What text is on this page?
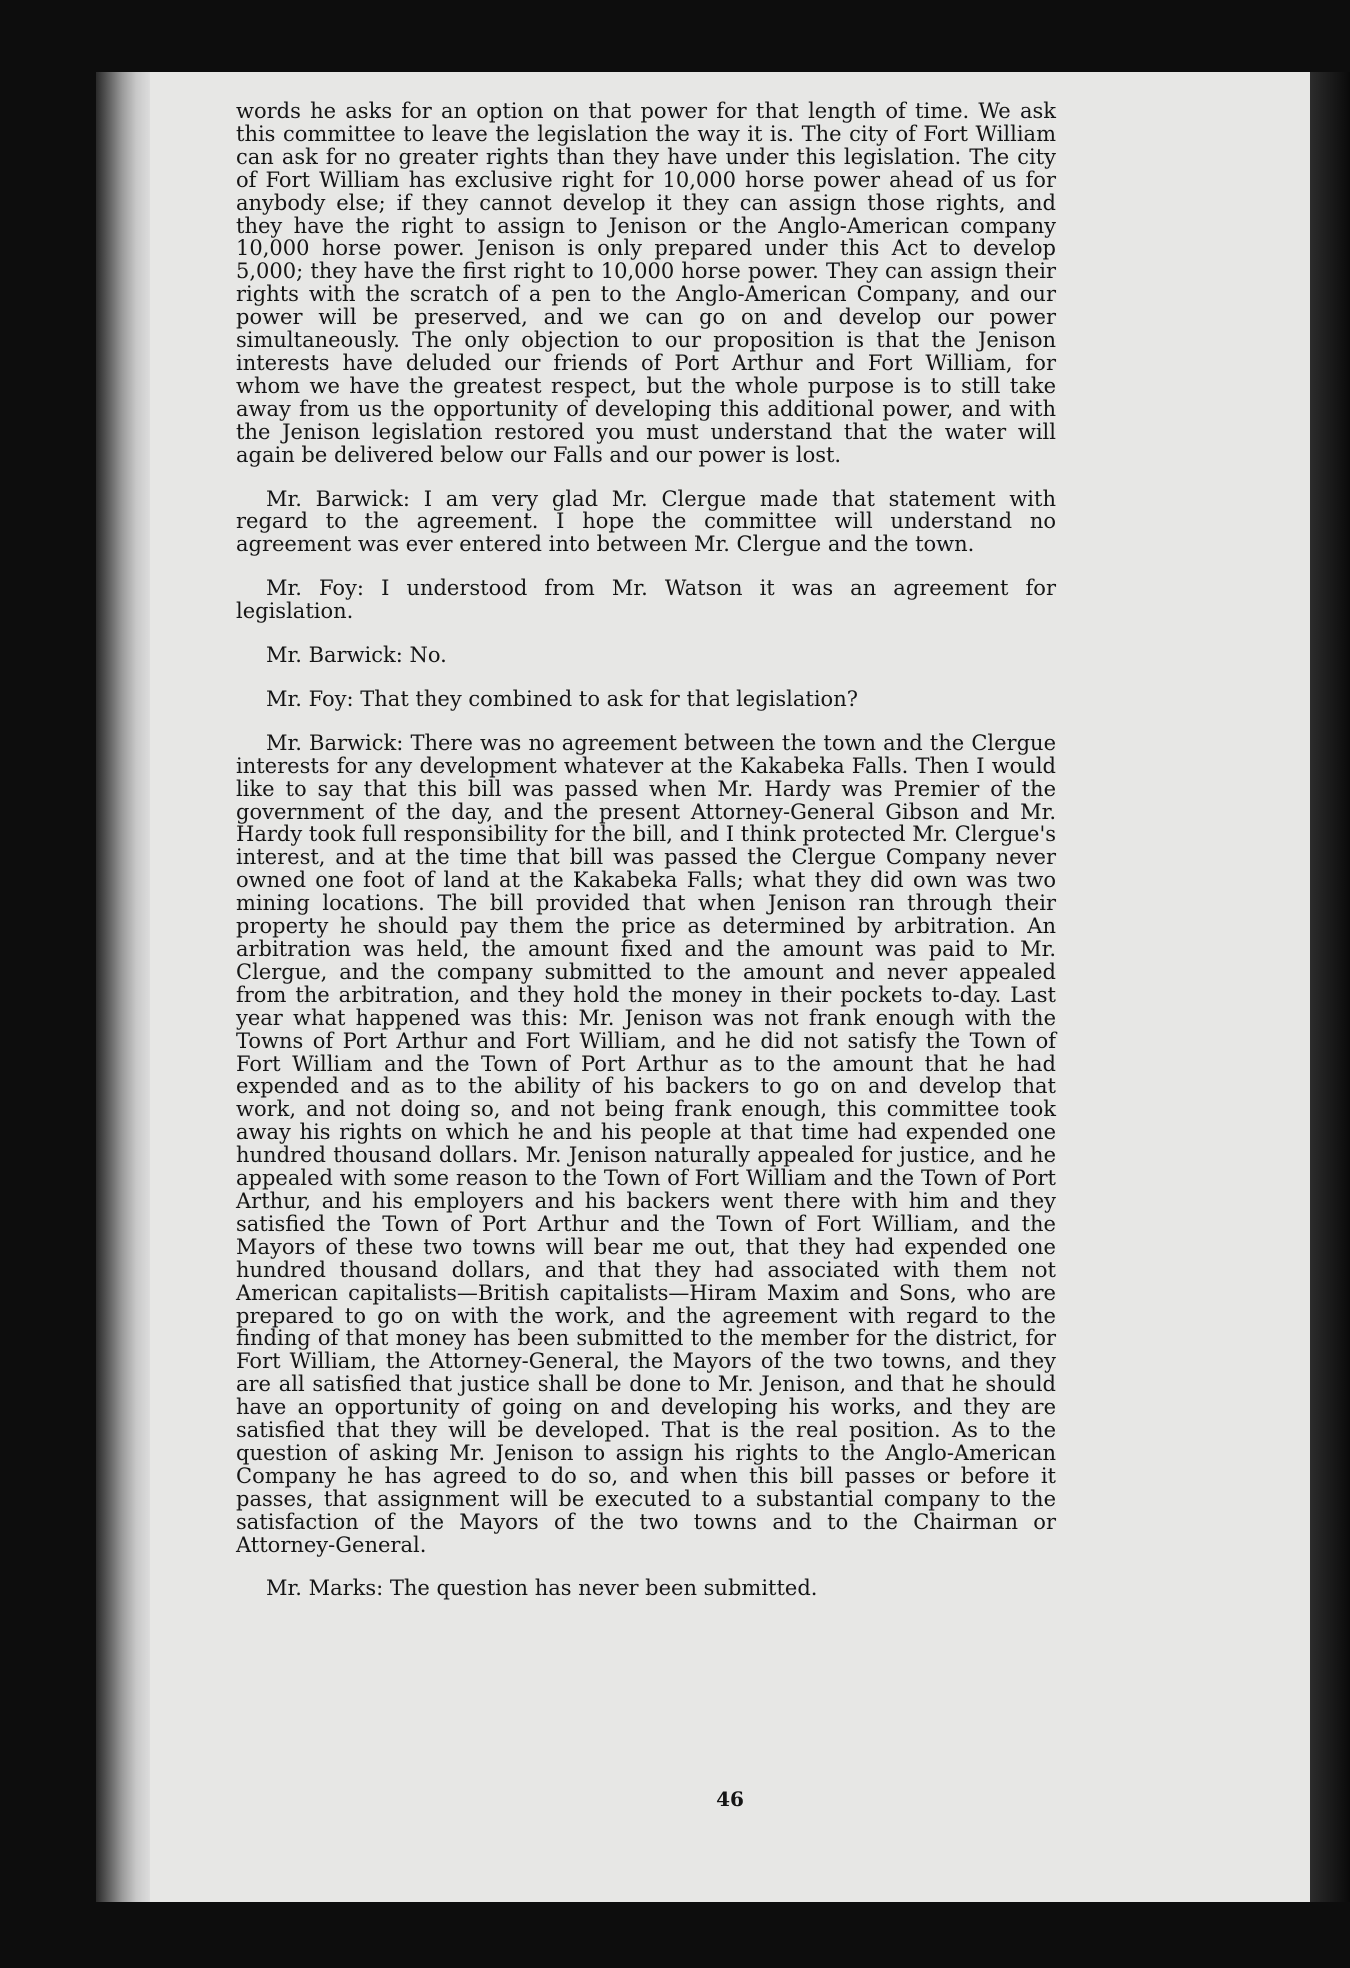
46

words he asks for an option on that power for that length of time. We ask this committee to leave the legislation the way it is. The city of Fort William can ask for no greater rights than they have under this legislation. The city of Fort William has exclusive right for 10,000 horse power ahead of us for anybody else; if they cannot develop it they can assign those rights, and they have the right to assign to Jenison or the Anglo-American company 10,000 horse power. Jenison is only prepared under this Act to develop 5,000; they have the first right to 10,000 horse power. They can assign their rights with the scratch of a pen to the Anglo-American Company, and our power will be preserved, and we can go on and develop our power simultaneously. The only objection to our proposition is that the Jenison interests have deluded our friends of Port Arthur and Fort William, for whom we have the greatest respect, but the whole purpose is to still take away from us the opportunity of developing this additional power, and with the Jenison legislation restored you must understand that the water will again be delivered below our Falls and our power is lost.

Mr. Barwick: I am very glad Mr. Clergue made that statement with regard to the agreement. I hope the committee will understand no agreement was ever entered into between Mr. Clergue and the town.

Mr. Foy: I understood from Mr. Watson it was an agreement for legislation.

Mr. Barwick: No.

Mr. Foy: That they combined to ask for that legislation?

Mr. Barwick: There was no agreement between the town and the Clergue interests for any development whatever at the Kakabeka Falls. Then I would like to say that this bill was passed when Mr. Hardy was Premier of the government of the day, and the present Attorney-General Gibson and Mr. Hardy took full responsibility for the bill, and I think protected Mr. Clergue's interest, and at the time that bill was passed the Clergue Company never owned one foot of land at the Kakabeka Falls; what they did own was two mining locations. The bill provided that when Jenison ran through their property he should pay them the price as determined by arbitration. An arbitration was held, the amount fixed and the amount was paid to Mr. Clergue, and the company submitted to the amount and never appealed from the arbitration, and they hold the money in their pockets to-day. Last year what happened was this: Mr. Jenison was not frank enough with the Towns of Port Arthur and Fort William, and he did not satisfy the Town of Fort William and the Town of Port Arthur as to the amount that he had expended and as to the ability of his backers to go on and develop that work, and not doing so, and not being frank enough, this committee took away his rights on which he and his people at that time had expended one hundred thousand dollars. Mr. Jenison naturally appealed for justice, and he appealed with some reason to the Town of Fort William and the Town of Port Arthur, and his employers and his backers went there with him and they satisfied the Town of Port Arthur and the Town of Fort William, and the Mayors of these two towns will bear me out, that they had expended one hundred thousand dollars, and that they had associated with them not American capitalists—British capitalists—Hiram Maxim and Sons, who are prepared to go on with the work, and the agreement with regard to the finding of that money has been submitted to the member for the district, for Fort William, the Attorney-General, the Mayors of the two towns, and they are all satisfied that justice shall be done to Mr. Jenison, and that he should have an opportunity of going on and developing his works, and they are satisfied that they will be developed. That is the real position. As to the question of asking Mr. Jenison to assign his rights to the Anglo-American Company he has agreed to do so, and when this bill passes or before it passes, that assignment will be executed to a substantial company to the satisfaction of the Mayors of the two towns and to the Chairman or Attorney-General.

Mr. Marks: The question has never been submitted.
